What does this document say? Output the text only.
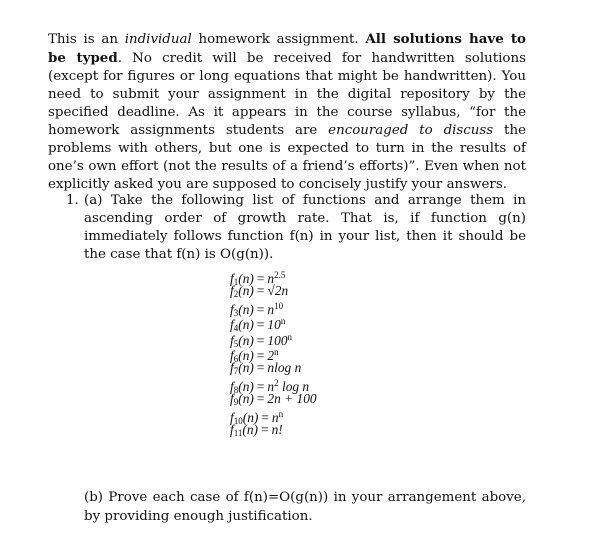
This is an individual homework assignment. All solutions have to be typed. No credit will be received for handwritten solutions (except for figures or long equations that might be handwritten). You need to submit your assignment in the digital repository by the specified deadline. As it appears in the course syllabus, “for the homework assignments students are encouraged to discuss the problems with others, but one is expected to turn in the results of one’s own effort (not the results of a friend’s efforts)”. Even when not explicitly asked you are supposed to concisely justify your answers.
1. (a) Take the following list of functions and arrange them in ascending order of growth rate. That is, if function g(n) immediately follows function f(n) in your list, then it should be the case that f(n) is O(g(n)).
$f_1(n) = n^{2.5}$
$f_2(n) = √2n$
$f_3(n) = n^{10}$
$f_4(n) = 10^n$
$f_5(n) = 100^n$
$f_6(n) = 2^n$
$f_7(n) = nlog$ n
$f_8(n) = n^2$ log n
$f_9(n) = 2n + 100$
$f_{10}(n) = n^n$
$f_{11}(n) = n$!
(b) Prove each case of f(n)=O(g(n)) in your arrangement above, by providing enough justification.
